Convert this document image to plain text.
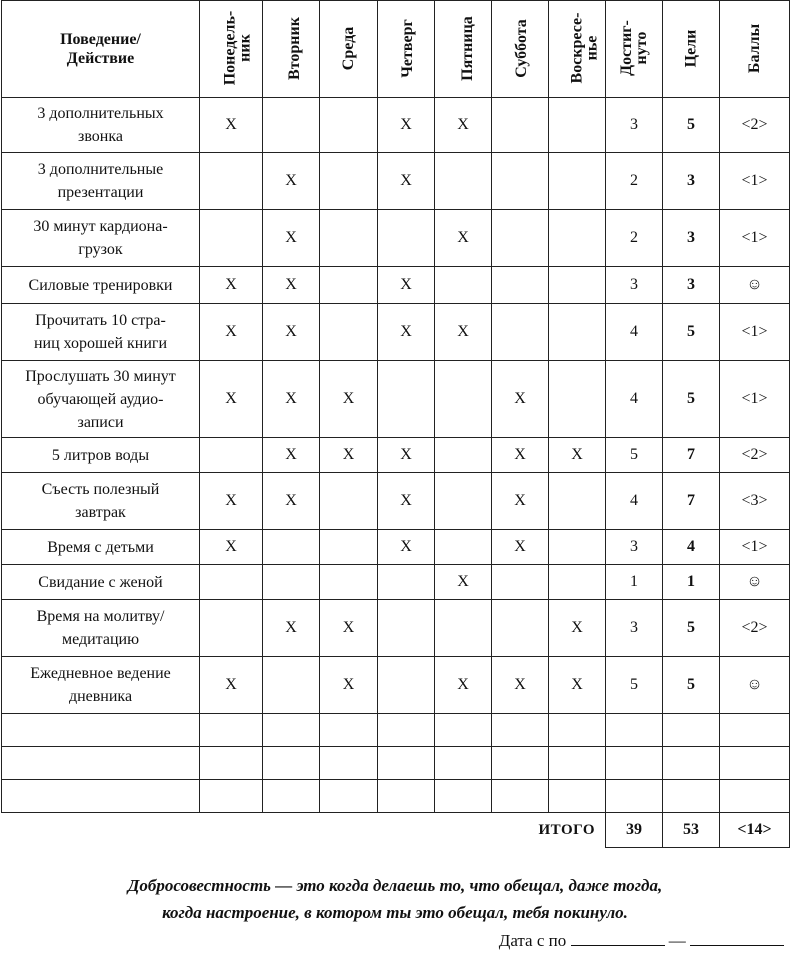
Поведение/
Действие	Понедель-
ник	Вторник	Среда	Четверг	Пятница	Суббота	Воскресе-
нье	Достиг-
нуто	Цели	Баллы
3 дополнительных
звонка	X			X	X			3	5	<2>
3 дополнительные
презентации		X		X				2	3	<1>
30 минут кардиона-
грузок		X			X			2	3	<1>
Силовые тренировки	X	X		X				3	3	☺
Прочитать 10 стра-
ниц хорошей книги	X	X		X	X			4	5	<1>
Прослушать 30 минут
обучающей аудио-
записи	X	X	X			X		4	5	<1>
5 литров воды		X	X	X		X	X	5	7	<2>
Съесть полезный
завтрак	X	X		X		X		4	7	<3>
Время с детьми	X			X		X		3	4	<1>
Свидание с женой					X			1	1	☺
Время на молитву/
медитацию		X	X				X	3	5	<2>
Ежедневное ведение
дневника	X		X		X	X	X	5	5	☺

ИТОГО								39	53	<14>
Добросовестность — это когда делаешь то, что обещал, даже тогда,
когда настроение, в котором ты это обещал, тебя покинуло.
Дата с по	—
